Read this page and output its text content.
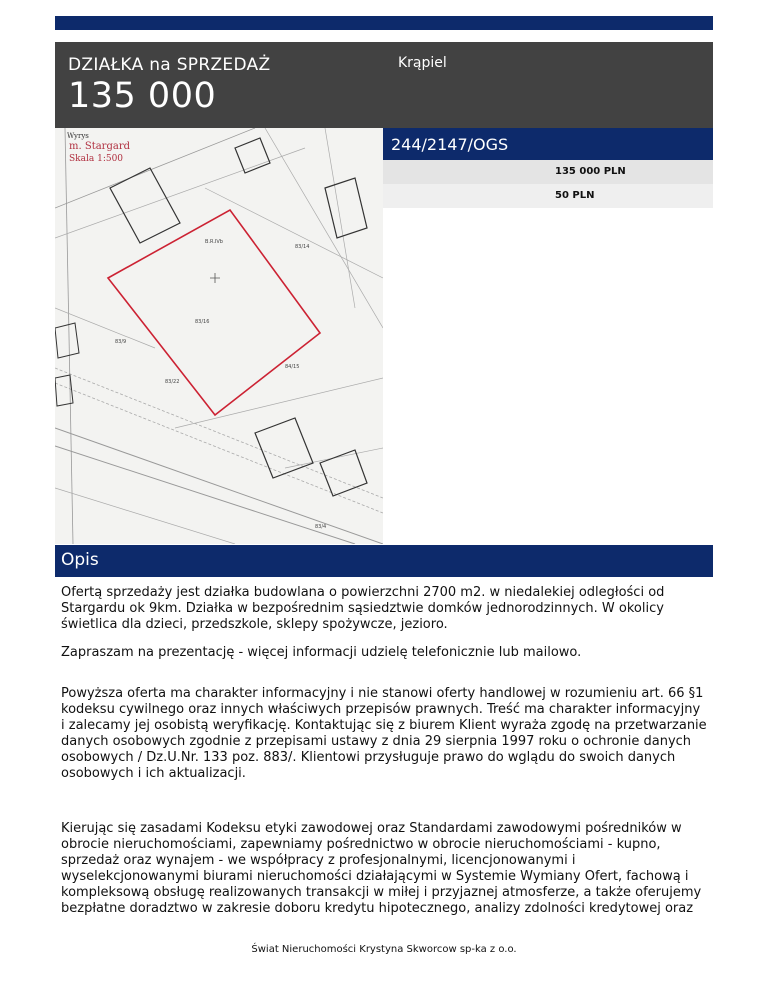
DZIAŁKA na SPRZEDAŻ
135 000
Krąpiel
83/16
83/22
83/14
83/9
84/15
B.R.IVb
83/4
Wyrys
m. Stargard
Skala 1:500
244/2147/OGS
135 000 PLN
50 PLN
Opis

Ofertą sprzedaży jest działka budowlana o powierzchni 2700 m2. w niedalekiej odległości od Stargardu ok 9km. Działka w bezpośrednim sąsiedztwie domków jednorodzinnych. W okolicy świetlica dla dzieci, przedszkole, sklepy spożywcze, jezioro.

Zapraszam na prezentację - więcej informacji udzielę telefonicznie lub mailowo.

Powyższa oferta ma charakter informacyjny i nie stanowi oferty handlowej w rozumieniu art. 66 §1 kodeksu cywilnego oraz innych właściwych przepisów prawnych. Treść ma charakter informacyjny i zalecamy jej osobistą weryfikację. Kontaktując się z biurem Klient wyraża zgodę na przetwarzanie danych osobowych zgodnie z przepisami ustawy z dnia 29 sierpnia 1997 roku o ochronie danych osobowych / Dz.U.Nr. 133 poz. 883/. Klientowi przysługuje prawo do wglądu do swoich danych osobowych i ich aktualizacji.

Kierując się zasadami Kodeksu etyki zawodowej oraz Standardami zawodowymi pośredników w obrocie nieruchomościami, zapewniamy pośrednictwo w obrocie nieruchomościami - kupno, sprzedaż oraz wynajem - we współpracy z profesjonalnymi, licencjonowanymi i wyselekcjonowanymi biurami nieruchomości działającymi w Systemie Wymiany Ofert, fachową i kompleksową obsługę realizowanych transakcji w miłej i przyjaznej atmosferze, a także oferujemy bezpłatne doradztwo w zakresie doboru kredytu hipotecznego, analizy zdolności kredytowej oraz

Świat Nieruchomości Krystyna Skworcow sp-ka z o.o.
